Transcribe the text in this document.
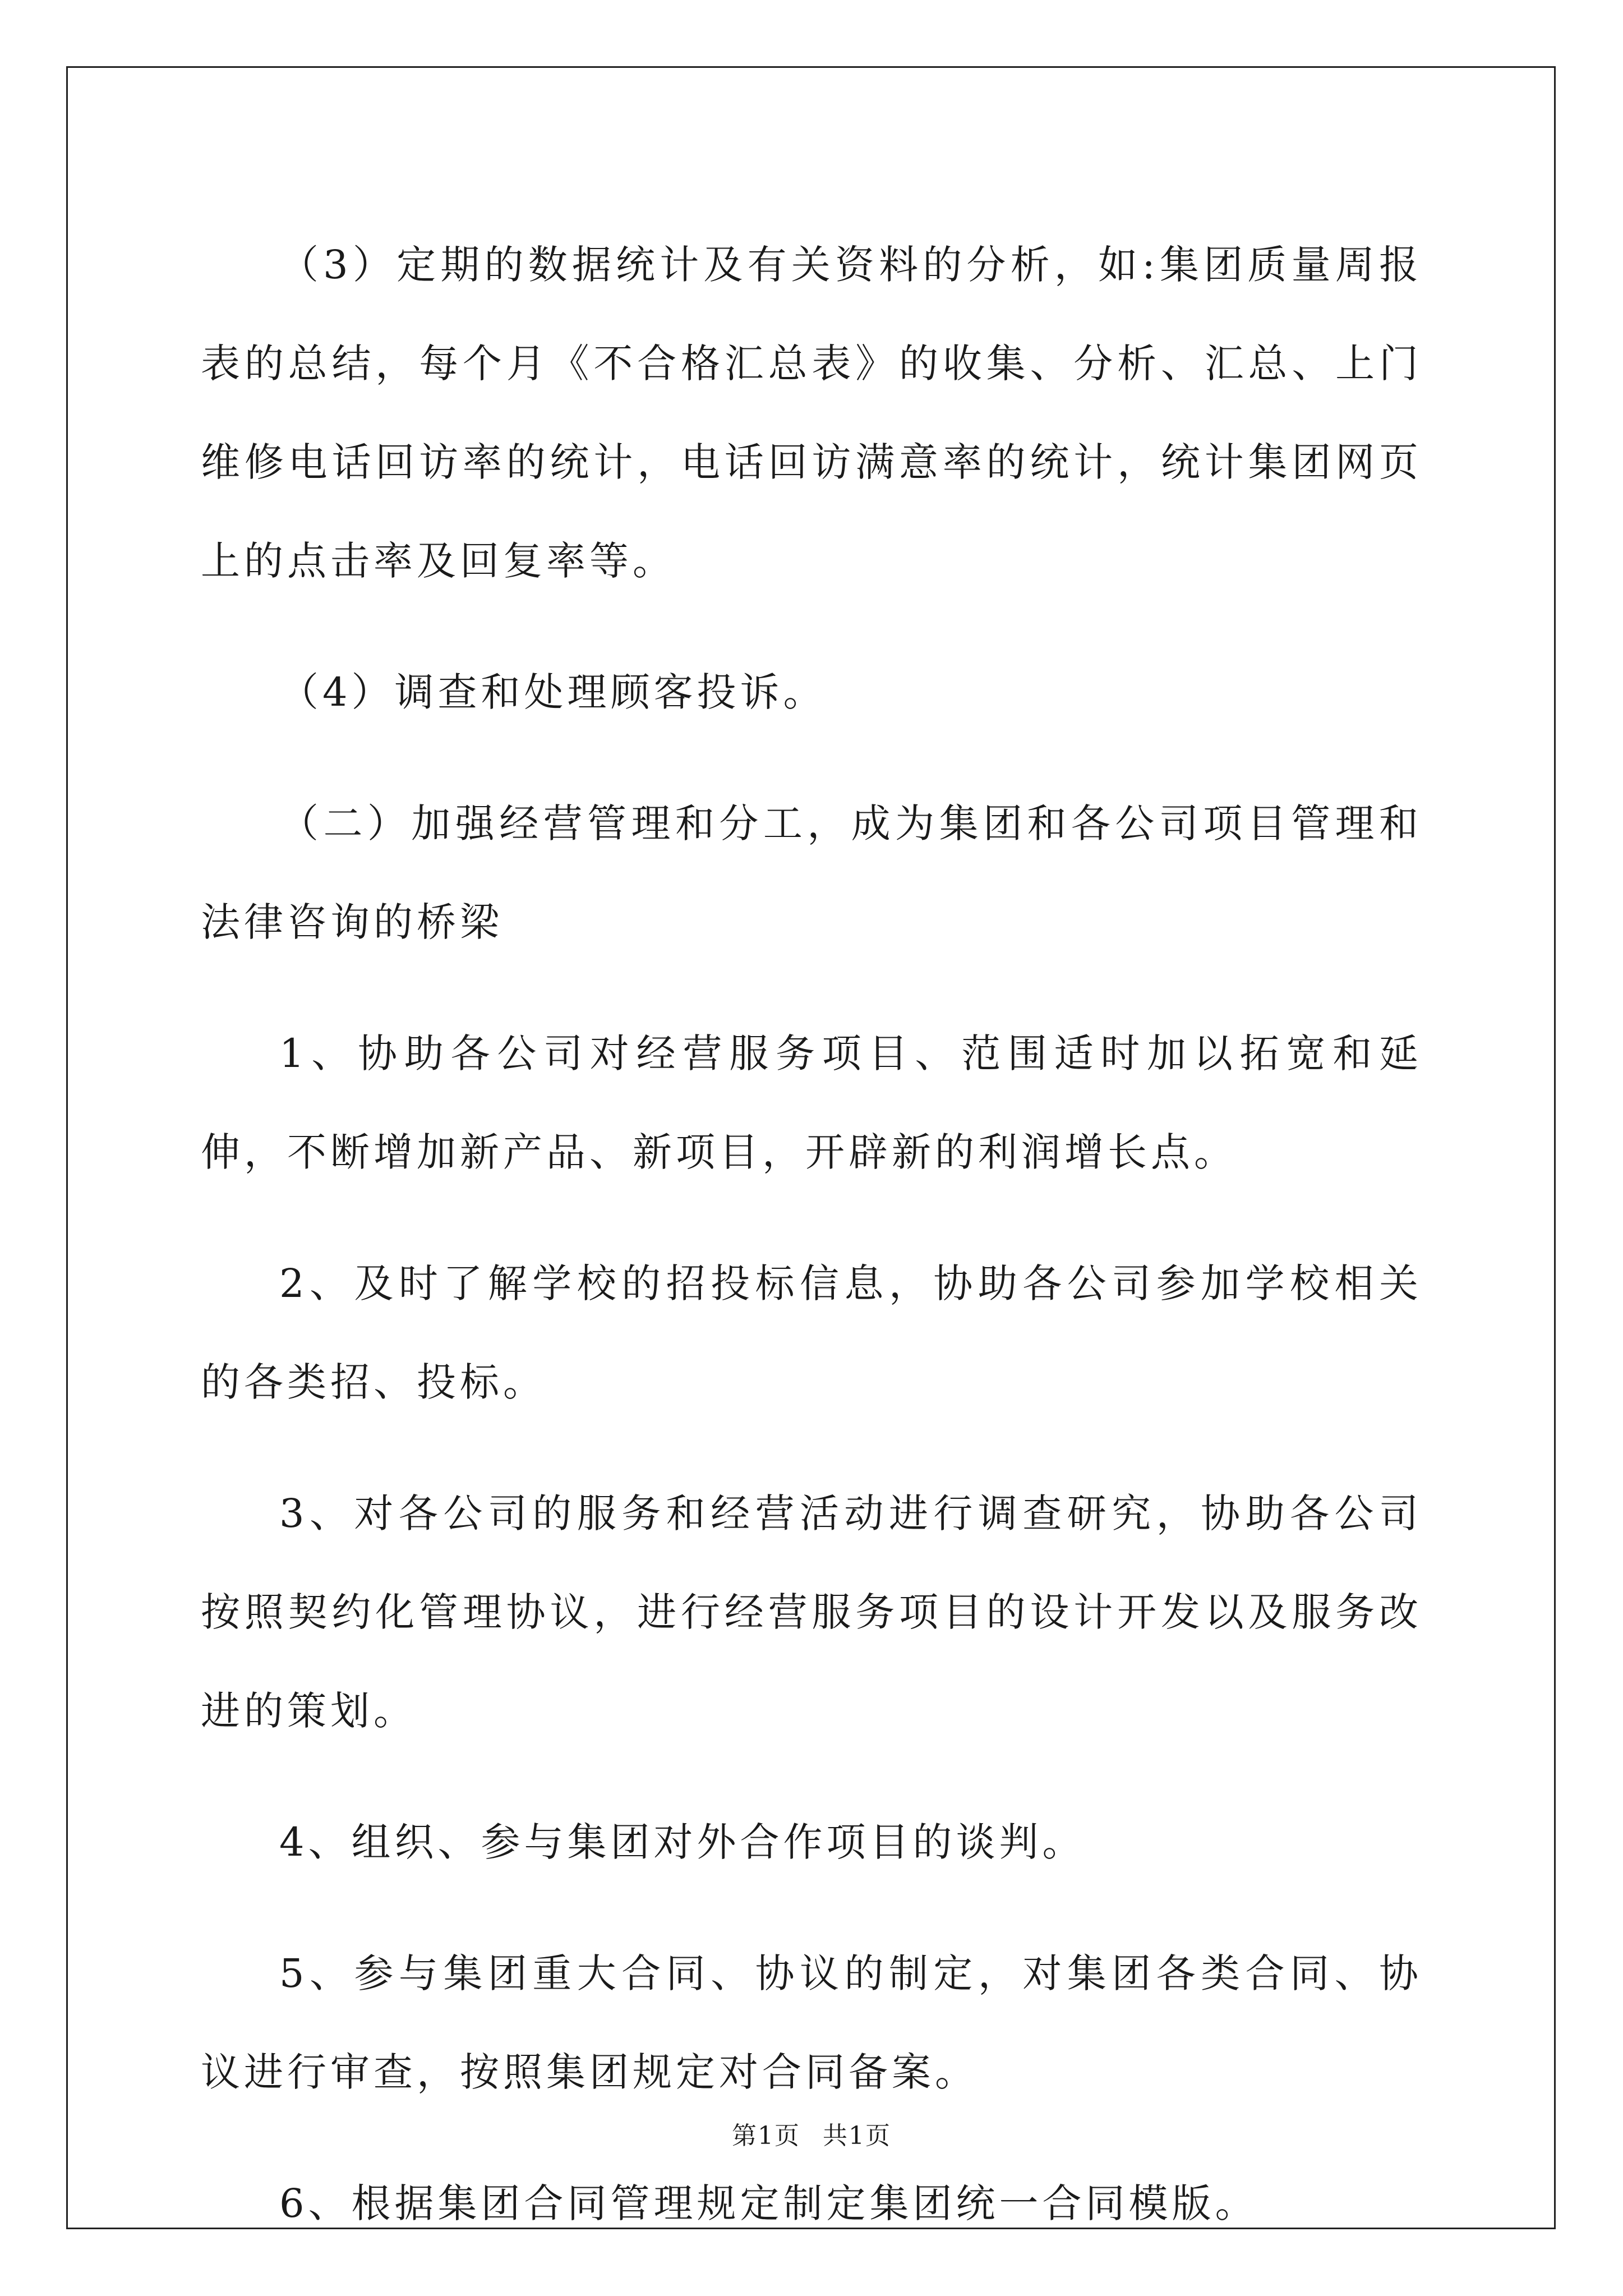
（3）定期的数据统计及有关资料的分析，如:集团质量周报表的总结，每个月《不合格汇总表》的收集、分析、汇总、上门维修电话回访率的统计，电话回访满意率的统计，统计集团网页上的点击率及回复率等。

（4）调查和处理顾客投诉。

（二）加强经营管理和分工，成为集团和各公司项目管理和法律咨询的桥梁

1、协助各公司对经营服务项目、范围适时加以拓宽和延伸，不断增加新产品、新项目，开辟新的利润增长点。

2、及时了解学校的招投标信息，协助各公司参加学校相关的各类招、投标。

3、对各公司的服务和经营活动进行调查研究，协助各公司按照契约化管理协议，进行经营服务项目的设计开发以及服务改进的策划。

4、组织、参与集团对外合作项目的谈判。

5、参与集团重大合同、协议的制定，对集团各类合同、协议进行审查，按照集团规定对合同备案。

6、根据集团合同管理规定制定集团统一合同模版。

第1页 共1页
